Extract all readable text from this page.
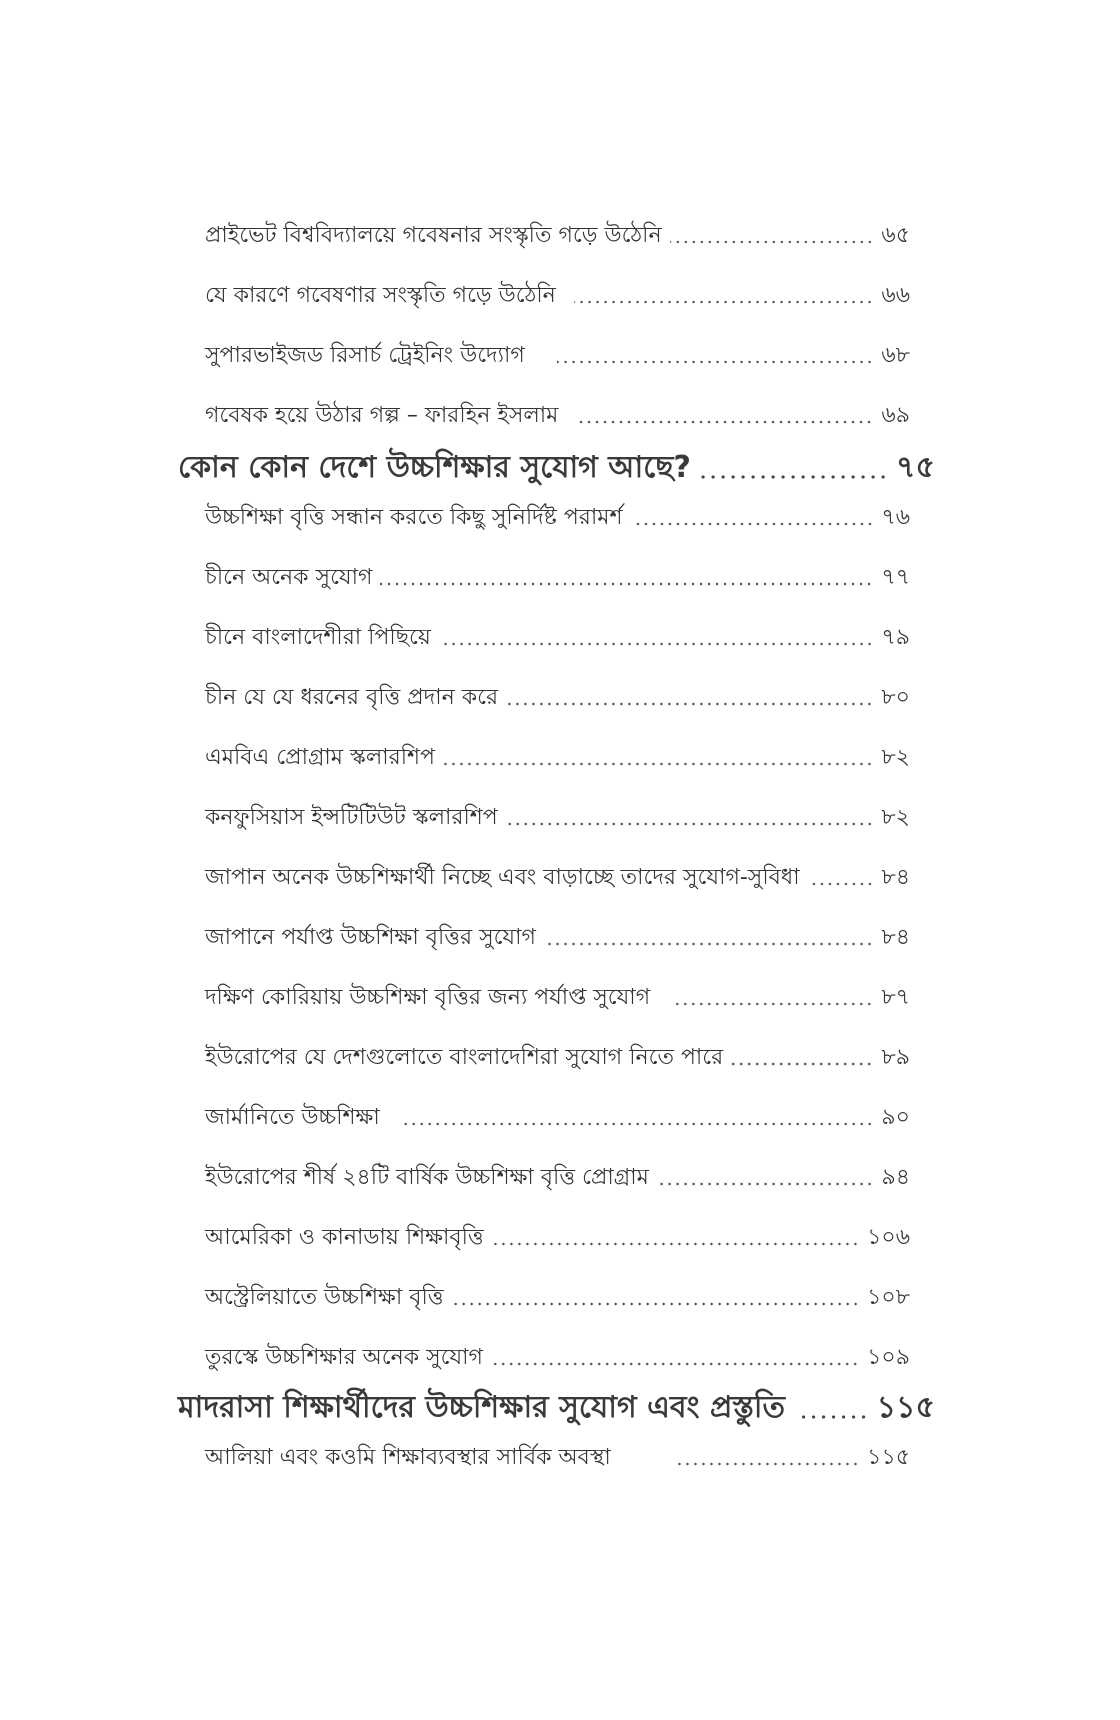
প্রাইভেট বিশ্ববিদ্যালয়ে গবেষনার সংস্কৃতি গড়ে উঠেনি	৬৫
যে কারণে গবেষণার সংস্কৃতি গড়ে উঠেনি	৬৬
সুপারভাইজড রিসার্চ ট্রেইনিং উদ্যোগ	৬৮
গবেষক হয়ে উঠার গল্প – ফারহিন ইসলাম	৬৯
কোন কোন দেশে উচ্চশিক্ষার সুযোগ আছে?	৭৫
উচ্চশিক্ষা বৃত্তি সন্ধান করতে কিছু সুনির্দিষ্ট পরামর্শ	৭৬
চীনে অনেক সুযোগ	৭৭
চীনে বাংলাদেশীরা পিছিয়ে	৭৯
চীন যে যে ধরনের বৃত্তি প্রদান করে	৮০
এমবিএ প্রোগ্রাম স্কলারশিপ	৮২
কনফুসিয়াস ইন্সটিটিউট স্কলারশিপ	৮২
জাপান অনেক উচ্চশিক্ষার্থী নিচ্ছে এবং বাড়াচ্ছে তাদের সুযোগ-সুবিধা	৮৪
জাপানে পর্যাপ্ত উচ্চশিক্ষা বৃত্তির সুযোগ	৮৪
দক্ষিণ কোরিয়ায় উচ্চশিক্ষা বৃত্তির জন্য পর্যাপ্ত সুযোগ	৮৭
ইউরোপের যে দেশগুলোতে বাংলাদেশিরা সুযোগ নিতে পারে	৮৯
জার্মানিতে উচ্চশিক্ষা	৯০
ইউরোপের শীর্ষ ২৪টি বার্ষিক উচ্চশিক্ষা বৃত্তি প্রোগ্রাম	৯৪
আমেরিকা ও কানাডায় শিক্ষাবৃত্তি	১০৬
অস্ট্রেলিয়াতে উচ্চশিক্ষা বৃত্তি	১০৮
তুরস্কে উচ্চশিক্ষার অনেক সুযোগ	১০৯
মাদরাসা শিক্ষার্থীদের উচ্চশিক্ষার সুযোগ এবং প্রস্তুতি	১১৫
আলিয়া এবং কওমি শিক্ষাব্যবস্থার সার্বিক অবস্থা	১১৫
